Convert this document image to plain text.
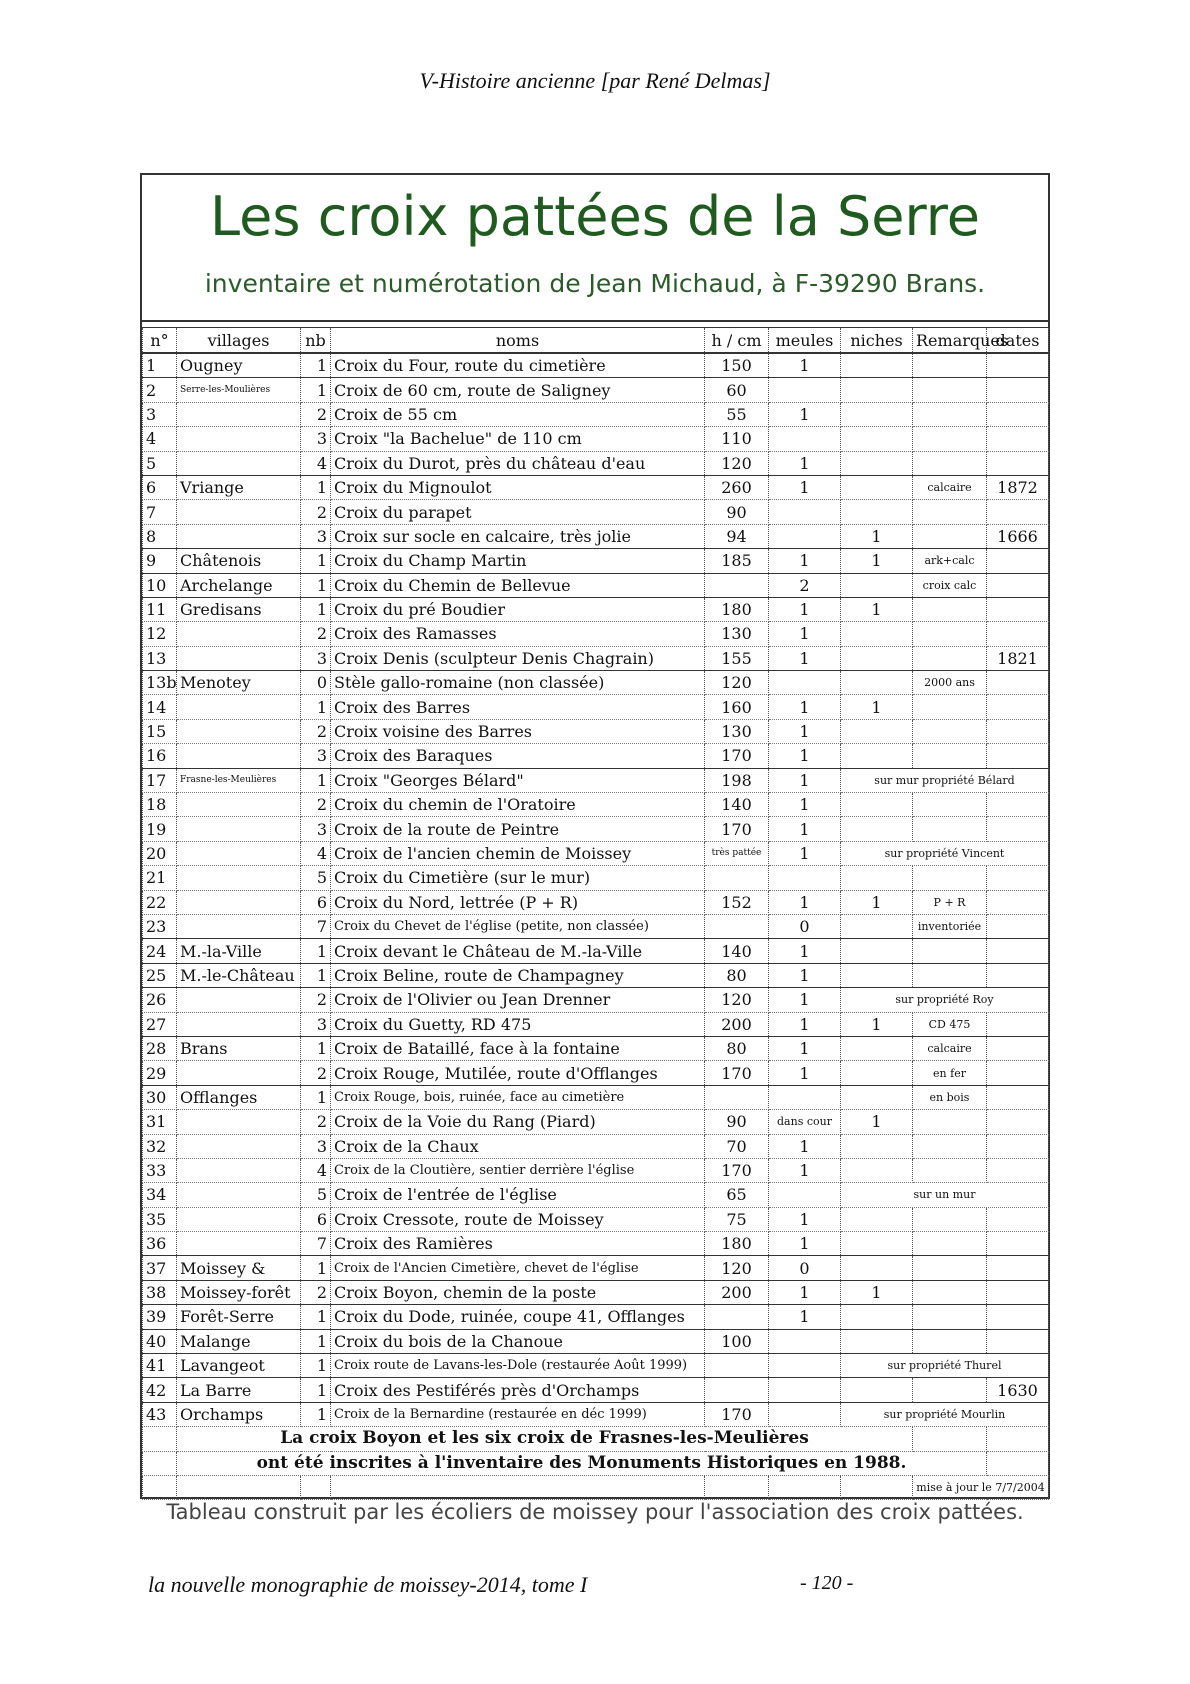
V-Histoire ancienne [par René Delmas]
Les croix pattées de la Serre
inventaire et numérotation de Jean Michaud, à F-39290 Brans.
n°	villages	nb	noms	h / cm	meules	niches	Remarques	dates
1	Ougney	1	Croix du Four, route du cimetière	150	1			
2	Serre-les-Moulières	1	Croix de 60 cm, route de Saligney	60				
3		2	Croix de 55 cm	55	1			
4		3	Croix "la Bachelue" de 110 cm	110				
5		4	Croix du Durot, près du château d'eau	120	1			
6	Vriange	1	Croix du Mignoulot	260	1		calcaire	1872
7		2	Croix du parapet	90				
8		3	Croix sur socle en calcaire, très jolie	94		1		1666
9	Châtenois	1	Croix du Champ Martin	185	1	1	ark+calc	
10	Archelange	1	Croix du Chemin de Bellevue		2		croix calc	
11	Gredisans	1	Croix du pré Boudier	180	1	1		
12		2	Croix des Ramasses	130	1			
13		3	Croix Denis (sculpteur Denis Chagrain)	155	1			1821
13b	Menotey	0	Stèle gallo-romaine (non classée)	120			2000 ans	
14		1	Croix des Barres	160	1	1		
15		2	Croix voisine des Barres	130	1			
16		3	Croix des Baraques	170	1			
17	Frasne-les-Meulières	1	Croix "Georges Bélard"	198	1	sur mur propriété Bélard		
18		2	Croix du chemin de l'Oratoire	140	1			
19		3	Croix de la route de Peintre	170	1			
20		4	Croix de l'ancien chemin de Moissey	très pattée	1	sur propriété Vincent		
21		5	Croix du Cimetière (sur le mur)					
22		6	Croix du Nord, lettrée (P + R)	152	1	1	P + R	
23		7	Croix du Chevet de l'église (petite, non classée)		0		inventoriée	
24	M.-la-Ville	1	Croix devant le Château de M.-la-Ville	140	1			
25	M.-le-Château	1	Croix Beline, route de Champagney	80	1			
26		2	Croix de l'Olivier ou Jean Drenner	120	1	sur propriété Roy		
27		3	Croix du Guetty, RD 475	200	1	1	CD 475	
28	Brans	1	Croix de Bataillé, face à la fontaine	80	1		calcaire	
29		2	Croix Rouge, Mutilée, route d'Offlanges	170	1		en fer	
30	Offlanges	1	Croix Rouge, bois, ruinée, face au cimetière				en bois	
31		2	Croix de la Voie du Rang (Piard)	90	dans cour	1		
32		3	Croix de la Chaux	70	1			
33		4	Croix de la Cloutière, sentier derrière l'église	170	1			
34		5	Croix de l'entrée de l'église	65		sur un mur		
35		6	Croix Cressote, route de Moissey	75	1			
36		7	Croix des Ramières	180	1			
37	Moissey &	1	Croix de l'Ancien Cimetière, chevet de l'église	120	0			
38	Moissey-forêt	2	Croix Boyon, chemin de la poste	200	1	1		
39	Forêt-Serre	1	Croix du Dode, ruinée, coupe 41, Offlanges		1			
40	Malange	1	Croix du bois de la Chanoue	100				
41	Lavangeot	1	Croix route de Lavans-les-Dole (restaurée Août 1999)			sur propriété Thurel		
42	La Barre	1	Croix des Pestiférés près d'Orchamps					1630
43	Orchamps	1	Croix de la Bernardine (restaurée en déc 1999)	170		sur propriété Mourlin		
	La croix Boyon et les six croix de Frasnes-les-Meulières							
	ont été inscrites à l'inventaire des Monuments Historiques en 1988.							
							mise à jour le 7/7/2004	
Tableau construit par les écoliers de moissey pour l'association des croix pattées.
la nouvelle monographie de moissey-2014, tome I	- 120 -
